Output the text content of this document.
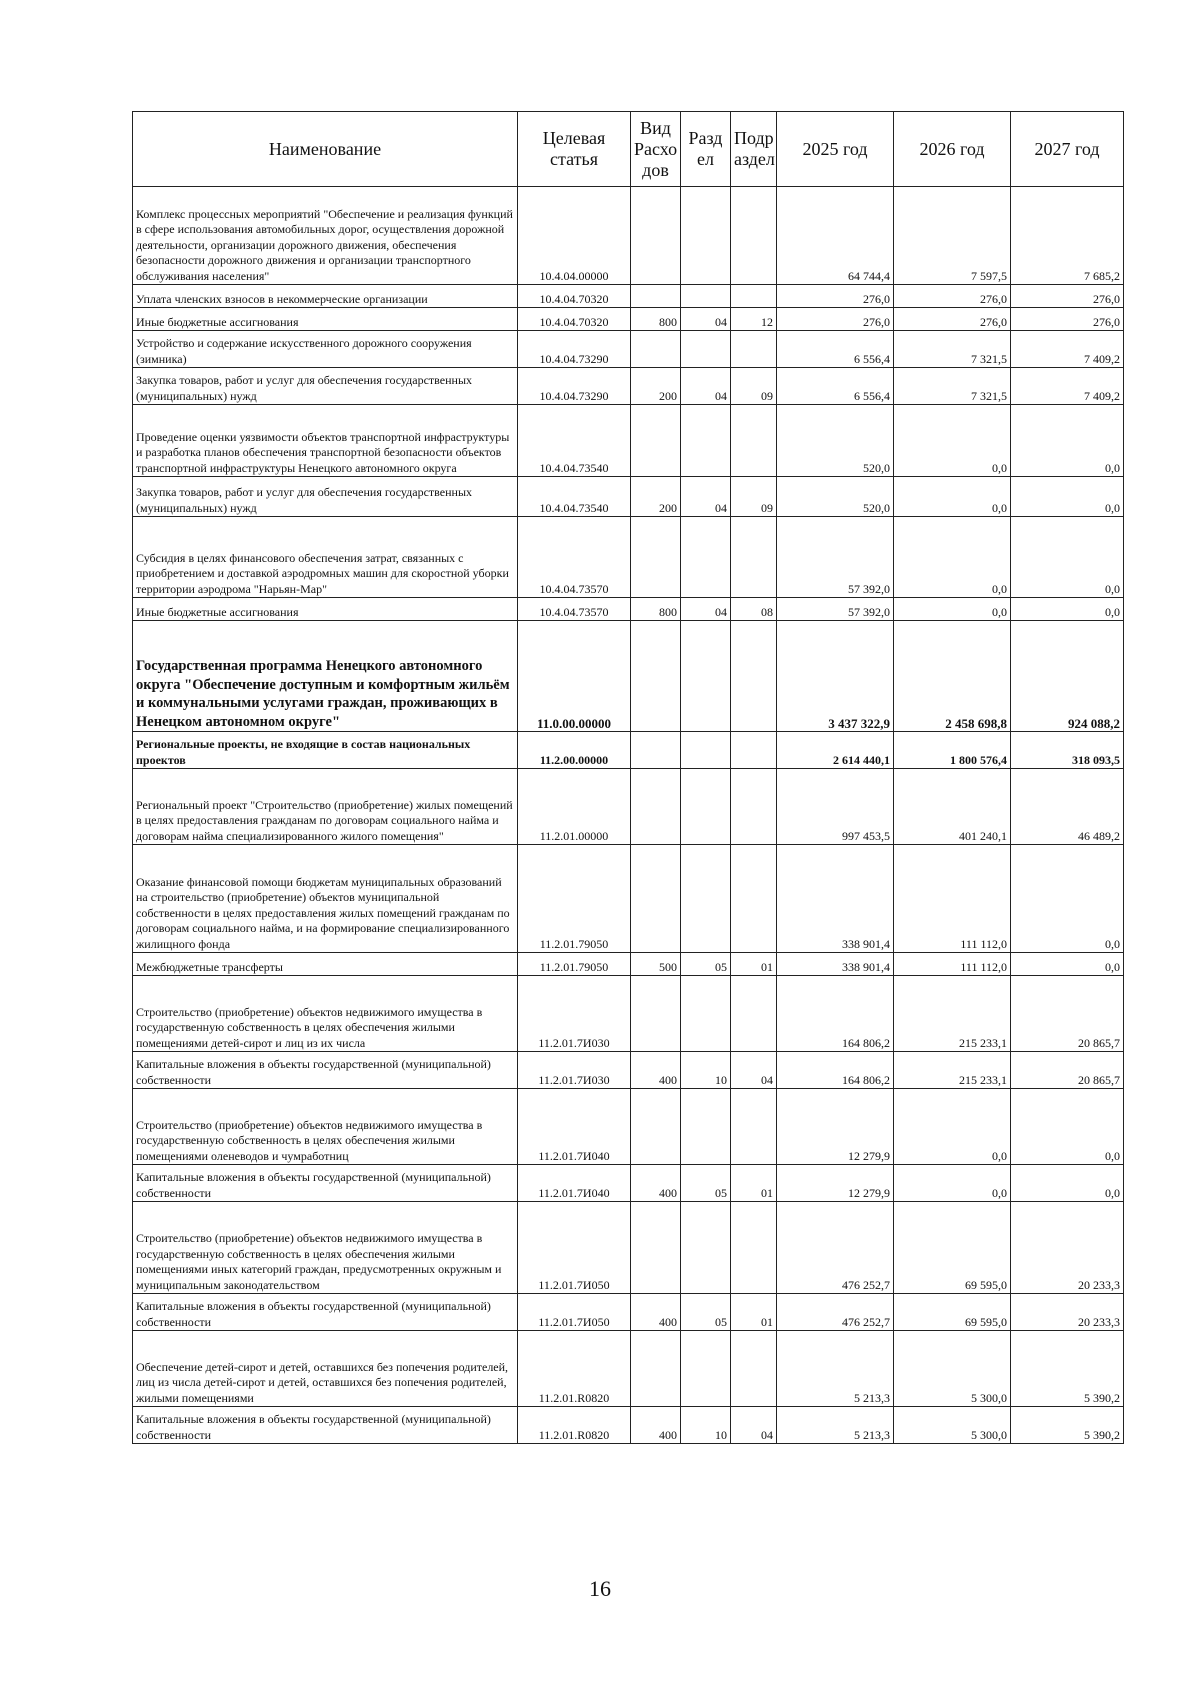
Наименование	Целевая статья	Вид Расхо дов	Разд ел	Подр аздел	2025 год	2026 год	2027 год
Комплекс процессных мероприятий "Обеспечение и реализация функций в сфере использования автомобильных дорог, осуществления дорожной деятельности, организации дорожного движения, обеспечения безопасности дорожного движения и организации транспортного обслуживания населения"	10.4.04.00000				64 744,4	7 597,5	7 685,2
Уплата членских взносов в некоммерческие организации	10.4.04.70320				276,0	276,0	276,0
Иные бюджетные ассигнования	10.4.04.70320	800	04	12	276,0	276,0	276,0
Устройство и содержание искусственного дорожного сооружения (зимника)	10.4.04.73290				6 556,4	7 321,5	7 409,2
Закупка товаров, работ и услуг для обеспечения государственных (муниципальных) нужд	10.4.04.73290	200	04	09	6 556,4	7 321,5	7 409,2
Проведение оценки уязвимости объектов транспортной инфраструктуры и разработка планов обеспечения транспортной безопасности объектов транспортной инфраструктуры Ненецкого автономного округа	10.4.04.73540				520,0	0,0	0,0
Закупка товаров, работ и услуг для обеспечения государственных (муниципальных) нужд	10.4.04.73540	200	04	09	520,0	0,0	0,0
Субсидия в целях финансового обеспечения затрат, связанных с приобретением и доставкой аэродромных машин для скоростной уборки территории аэродрома "Нарьян-Мар"	10.4.04.73570				57 392,0	0,0	0,0
Иные бюджетные ассигнования	10.4.04.73570	800	04	08	57 392,0	0,0	0,0
Государственная программа Ненецкого автономного округа "Обеспечение доступным и комфортным жильём и коммунальными услугами граждан, проживающих в Ненецком автономном округе"	11.0.00.00000				3 437 322,9	2 458 698,8	924 088,2
Региональные проекты, не входящие в состав национальных проектов	11.2.00.00000				2 614 440,1	1 800 576,4	318 093,5
Региональный проект "Строительство (приобретение) жилых помещений в целях предоставления гражданам по договорам социального найма и договорам найма специализированного жилого помещения"	11.2.01.00000				997 453,5	401 240,1	46 489,2
Оказание финансовой помощи бюджетам муниципальных образований на строительство (приобретение) объектов муниципальной собственности в целях предоставления жилых помещений гражданам по договорам социального найма, и на формирование специализированного жилищного фонда	11.2.01.79050				338 901,4	111 112,0	0,0
Межбюджетные трансферты	11.2.01.79050	500	05	01	338 901,4	111 112,0	0,0
Строительство (приобретение) объектов недвижимого имущества в государственную собственность в целях обеспечения жилыми помещениями детей-сирот и лиц из их числа	11.2.01.7И030				164 806,2	215 233,1	20 865,7
Капитальные вложения в объекты государственной (муниципальной) собственности	11.2.01.7И030	400	10	04	164 806,2	215 233,1	20 865,7
Строительство (приобретение) объектов недвижимого имущества в государственную собственность в целях обеспечения жилыми помещениями оленеводов и чумработниц	11.2.01.7И040				12 279,9	0,0	0,0
Капитальные вложения в объекты государственной (муниципальной) собственности	11.2.01.7И040	400	05	01	12 279,9	0,0	0,0
Строительство (приобретение) объектов недвижимого имущества в государственную собственность в целях обеспечения жилыми помещениями иных категорий граждан, предусмотренных окружным и муниципальным законодательством	11.2.01.7И050				476 252,7	69 595,0	20 233,3
Капитальные вложения в объекты государственной (муниципальной) собственности	11.2.01.7И050	400	05	01	476 252,7	69 595,0	20 233,3
Обеспечение детей-сирот и детей, оставшихся без попечения родителей, лиц из числа детей-сирот и детей, оставшихся без попечения родителей, жилыми помещениями	11.2.01.R0820				5 213,3	5 300,0	5 390,2
Капитальные вложения в объекты государственной (муниципальной) собственности	11.2.01.R0820	400	10	04	5 213,3	5 300,0	5 390,2
16
